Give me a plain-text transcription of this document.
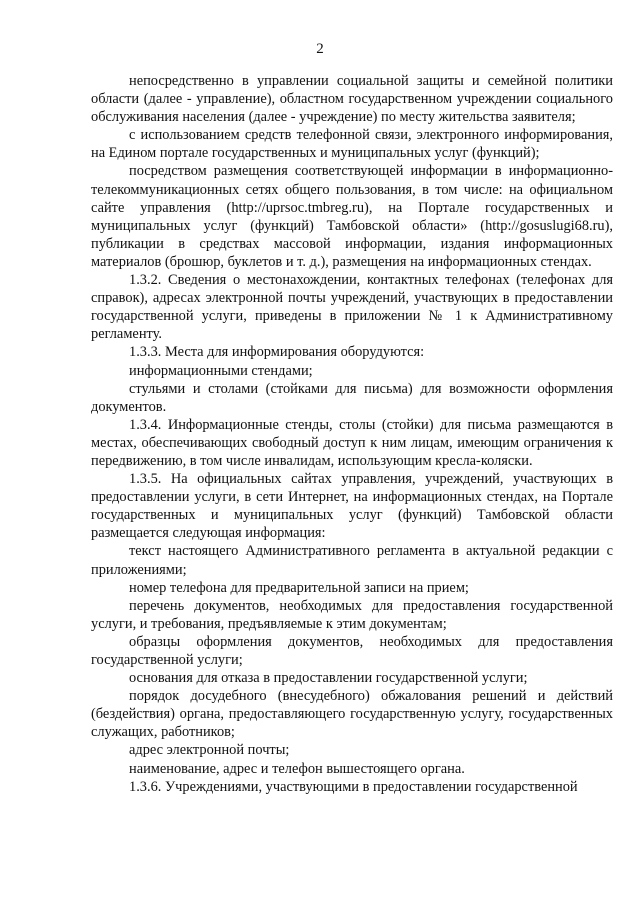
2

непосредственно в управлении социальной защиты и семейной политики области (далее - управление), областном государственном учреждении социального обслуживания населения (далее - учреждение) по месту жительства заявителя;

с использованием средств телефонной связи, электронного информирования, на Едином портале государственных и муниципальных услуг (функций);

посредством размещения соответствующей информации в информационно-телекоммуникационных сетях общего пользования, в том числе: на официальном сайте управления (http://uprsoc.tmbreg.ru), на Портале государственных и муниципальных услуг (функций) Тамбовской области» (http://gosuslugi68.ru), публикации в средствах массовой информации, издания информационных материалов (брошюр, буклетов и т. д.), размещения на информационных стендах.

1.3.2. Сведения о местонахождении, контактных телефонах (телефонах для справок), адресах электронной почты учреждений, участвующих в предоставлении государственной услуги, приведены в приложении № 1 к Административному регламенту.

1.3.3. Места для информирования оборудуются:

информационными стендами;

стульями и столами (стойками для письма) для возможности оформления документов.

1.3.4. Информационные стенды, столы (стойки) для письма размещаются в местах, обеспечивающих свободный доступ к ним лицам, имеющим ограничения к передвижению, в том числе инвалидам, использующим кресла-коляски.

1.3.5. На официальных сайтах управления, учреждений, участвующих в предоставлении услуги, в сети Интернет, на информационных стендах, на Портале государственных и муниципальных услуг (функций) Тамбовской области размещается следующая информация:

текст настоящего Административного регламента в актуальной редакции с приложениями;

номер телефона для предварительной записи на прием;

перечень документов, необходимых для предоставления государственной услуги, и требования, предъявляемые к этим документам;

образцы оформления документов, необходимых для предоставления государственной услуги;

основания для отказа в предоставлении государственной услуги;

порядок досудебного (внесудебного) обжалования решений и действий (бездействия) органа, предоставляющего государственную услугу, государственных служащих, работников;

адрес электронной почты;

наименование, адрес и телефон вышестоящего органа.

1.3.6. Учреждениями, участвующими в предоставлении государственной
